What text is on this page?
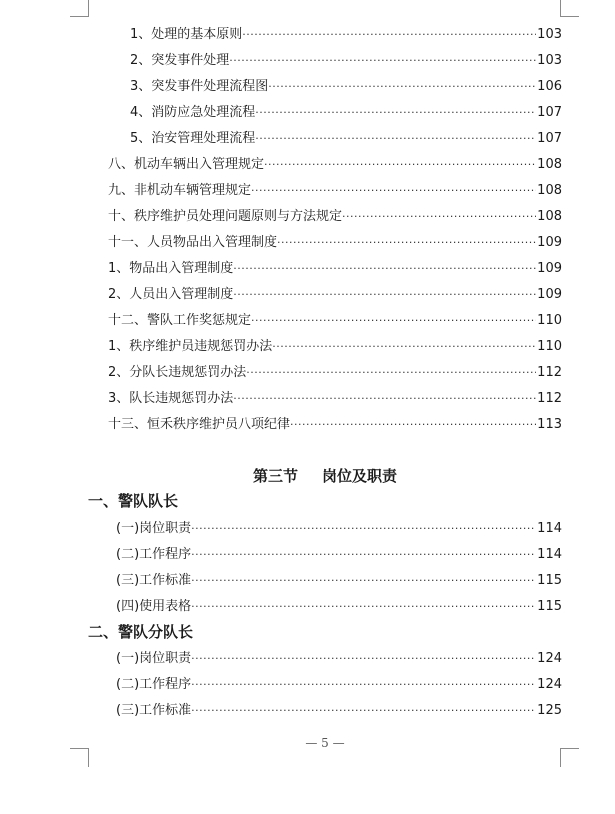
1、处理的基本原则 ·····	103
2、突发事件处理 ·····	103
3、突发事件处理流程图 ·····	106
4、消防应急处理流程 ·····	107
5、治安管理处理流程 ·····	107
八、机动车辆出入管理规定 ·····	108
九、非机动车辆管理规定 ·····	108
十、秩序维护员处理问题原则与方法规定 ·····	108
十一、人员物品出入管理制度 ·····	109
1、物品出入管理制度 ·····	109
2、人员出入管理制度 ·····	109
十二、警队工作奖惩规定 ·····	110
1、秩序维护员违规惩罚办法 ·····	110
2、分队长违规惩罚办法 ·····	112
3、队长违规惩罚办法 ·····	112
十三、恒禾秩序维护员八项纪律 ·····	113
第三节 岗位及职责
一、警队队长
(一)岗位职责 ·····	114
(二)工作程序 ·····	114
(三)工作标准 ·····	115
(四)使用表格 ·····	115
二、警队分队长
(一)岗位职责 ·····	124
(二)工作程序 ·····	124
(三)工作标准 ·····	125
— 5 —
